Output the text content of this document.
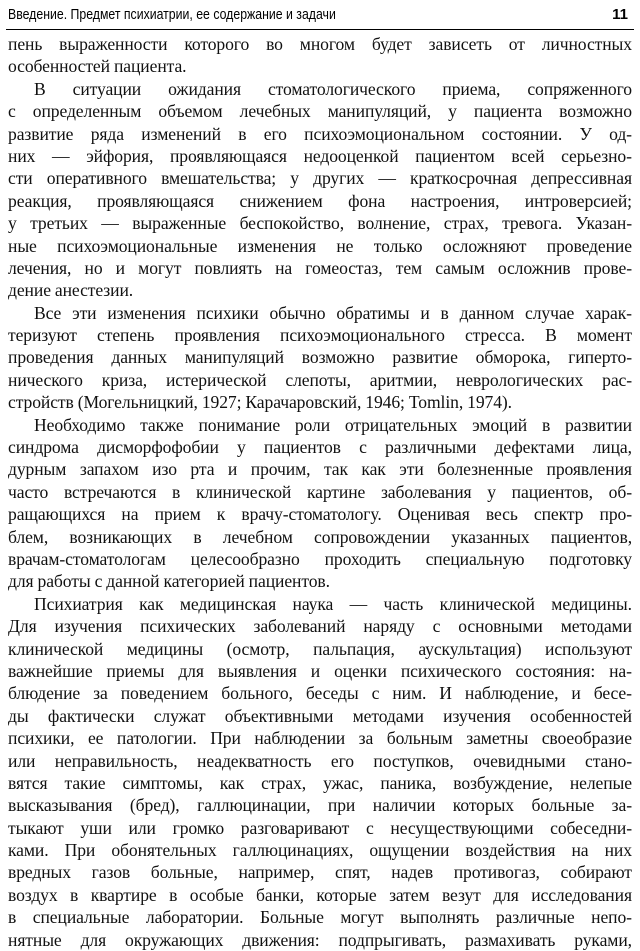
Введение. Предмет психиатрии, ее содержание и задачи	11
пень выраженности которого во многом будет зависеть от личностных
особенностей пациента.
В ситуации ожидания стоматологического приема, сопряженного
с определенным объемом лечебных манипуляций, у пациента возможно
развитие ряда изменений в его психоэмоциональном состоянии. У од-
них — эйфория, проявляющаяся недооценкой пациентом всей серьезно-
сти оперативного вмешательства; у других — краткосрочная депрессивная
реакция, проявляющаяся снижением фона настроения, интроверсией;
у третьих — выраженные беспокойство, волнение, страх, тревога. Указан-
ные психоэмоциональные изменения не только осложняют проведение
лечения, но и могут повлиять на гомеостаз, тем самым осложнив прове-
дение анестезии.
Все эти изменения психики обычно обратимы и в данном случае харак-
теризуют степень проявления психоэмоционального стресса. В момент
проведения данных манипуляций возможно развитие обморока, гиперто-
нического криза, истерической слепоты, аритмии, неврологических рас-
стройств (Могельницкий, 1927; Карачаровский, 1946; Tomlin, 1974).
Необходимо также понимание роли отрицательных эмоций в развитии
синдрома дисморфофобии у пациентов с различными дефектами лица,
дурным запахом изо рта и прочим, так как эти болезненные проявления
часто встречаются в клинической картине заболевания у пациентов, об-
ращающихся на прием к врачу-стоматологу. Оценивая весь спектр про-
блем, возникающих в лечебном сопровождении указанных пациентов,
врачам-стоматологам целесообразно проходить специальную подготовку
для работы с данной категорией пациентов.
Психиатрия как медицинская наука — часть клинической медицины.
Для изучения психических заболеваний наряду с основными методами
клинической медицины (осмотр, пальпация, аускультация) используют
важнейшие приемы для выявления и оценки психического состояния: на-
блюдение за поведением больного, беседы с ним. И наблюдение, и бесе-
ды фактически служат объективными методами изучения особенностей
психики, ее патологии. При наблюдении за больным заметны своеобразие
или неправильность, неадекватность его поступков, очевидными стано-
вятся такие симптомы, как страх, ужас, паника, возбуждение, нелепые
высказывания (бред), галлюцинации, при наличии которых больные за-
тыкают уши или громко разговаривают с несуществующими собеседни-
ками. При обонятельных галлюцинациях, ощущении воздействия на них
вредных газов больные, например, спят, надев противогаз, собирают
воздух в квартире в особые банки, которые затем везут для исследования
в специальные лаборатории. Больные могут выполнять различные непо-
нятные для окружающих движения: подпрыгивать, размахивать руками,
